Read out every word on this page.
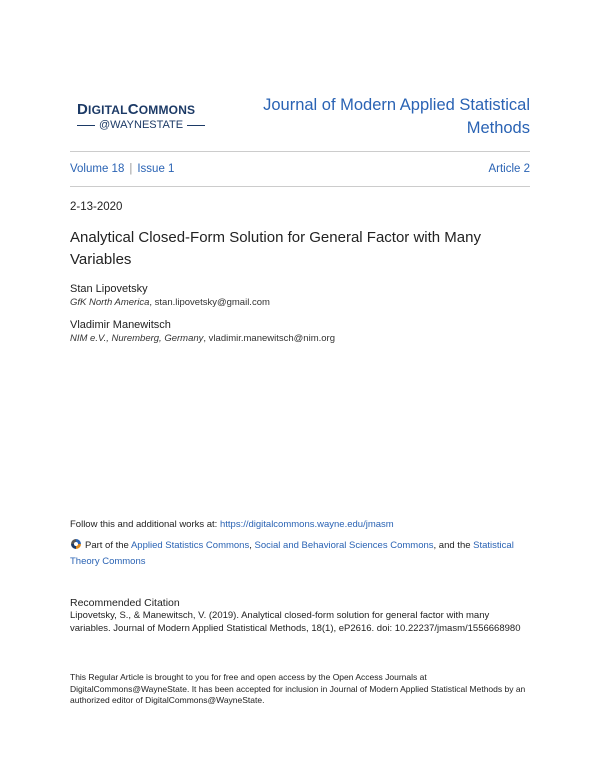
DIGITALCOMMONS
@WAYNESTATE
Journal of Modern Applied Statistical Methods
Volume 18 | Issue 1	Article 2
2-13-2020
Analytical Closed-Form Solution for General Factor with Many Variables
Stan Lipovetsky
GfK North America, stan.lipovetsky@gmail.com
Vladimir Manewitsch
NIM e.V., Nuremberg, Germany, vladimir.manewitsch@nim.org
Follow this and additional works at: https://digitalcommons.wayne.edu/jmasm
Part of the Applied Statistics Commons, Social and Behavioral Sciences Commons, and the Statistical Theory Commons
Recommended Citation
Lipovetsky, S., & Manewitsch, V. (2019). Analytical closed-form solution for general factor with many variables. Journal of Modern Applied Statistical Methods, 18(1), eP2616. doi: 10.22237/jmasm/1556668980
This Regular Article is brought to you for free and open access by the Open Access Journals at DigitalCommons@WayneState. It has been accepted for inclusion in Journal of Modern Applied Statistical Methods by an authorized editor of DigitalCommons@WayneState.
